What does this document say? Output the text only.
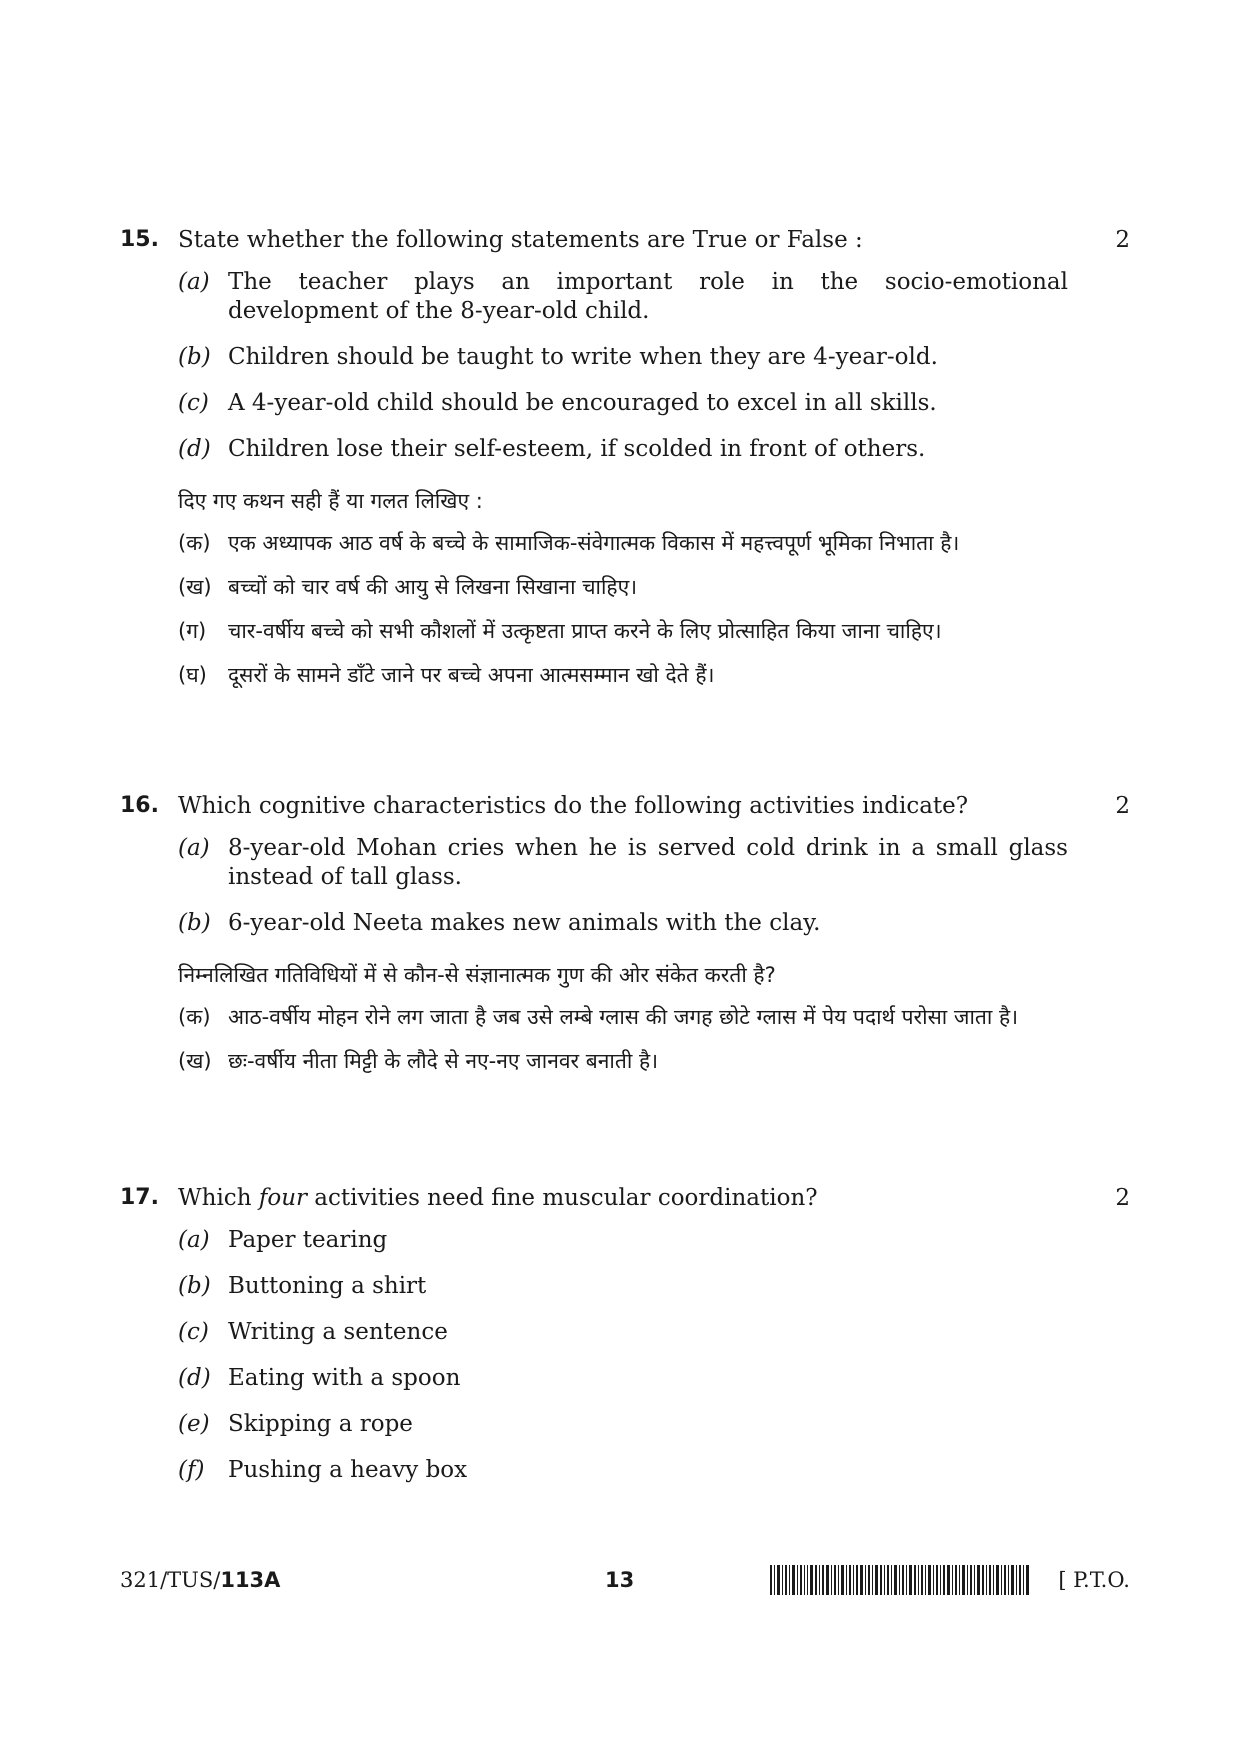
15. State whether the following statements are True or False :	2
(a) The teacher plays an important role in the socio-emotional development of the 8-year-old child.
(b) Children should be taught to write when they are 4-year-old.
(c) A 4-year-old child should be encouraged to excel in all skills.
(d) Children lose their self-esteem, if scolded in front of others.
दिए गए कथन सही हैं या गलत लिखिए :
(क) एक अध्यापक आठ वर्ष के बच्चे के सामाजिक-संवेगात्मक विकास में महत्त्वपूर्ण भूमिका निभाता है।
(ख) बच्चों को चार वर्ष की आयु से लिखना सिखाना चाहिए।
(ग) चार-वर्षीय बच्चे को सभी कौशलों में उत्कृष्टता प्राप्त करने के लिए प्रोत्साहित किया जाना चाहिए।
(घ) दूसरों के सामने डाँटे जाने पर बच्चे अपना आत्मसम्मान खो देते हैं।
16. Which cognitive characteristics do the following activities indicate?	2
(a) 8-year-old Mohan cries when he is served cold drink in a small glass instead of tall glass.
(b) 6-year-old Neeta makes new animals with the clay.
निम्नलिखित गतिविधियों में से कौन-से संज्ञानात्मक गुण की ओर संकेत करती है?
(क) आठ-वर्षीय मोहन रोने लग जाता है जब उसे लम्बे ग्लास की जगह छोटे ग्लास में पेय पदार्थ परोसा जाता है।
(ख) छः-वर्षीय नीता मिट्टी के लौदे से नए-नए जानवर बनाती है।
17. Which four activities need fine muscular coordination?	2
(a) Paper tearing
(b) Buttoning a shirt
(c) Writing a sentence
(d) Eating with a spoon
(e) Skipping a rope
(f) Pushing a heavy box
321/TUS/113A	13	[ P.T.O.
